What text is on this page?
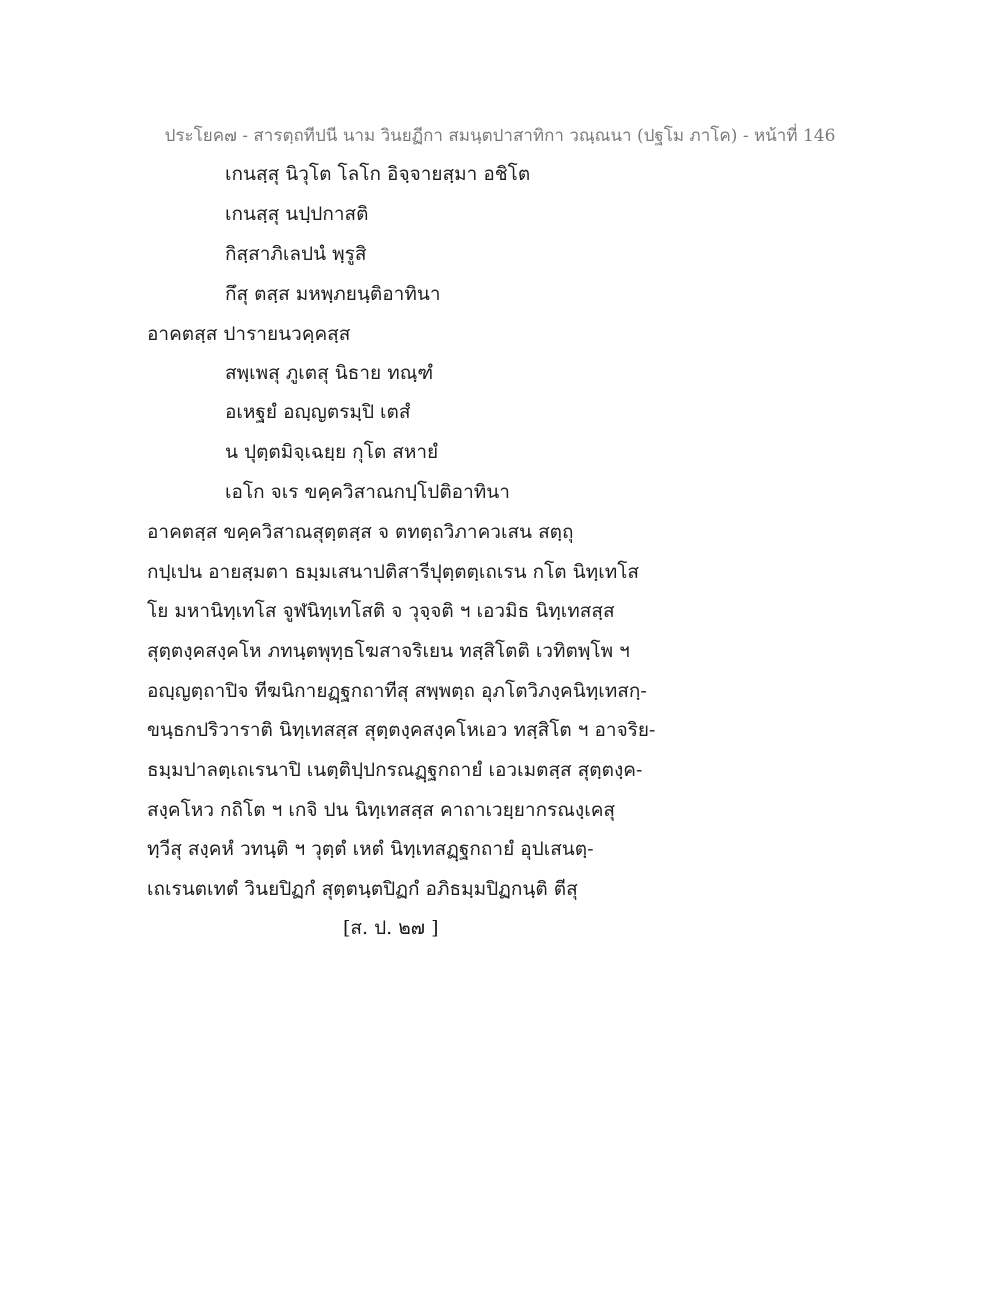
ประโยค๗ - สารตฺถทีปนี นาม วินยฏีกา สมนฺตปาสาทิกา วณฺณนา (ปฐโม ภาโค) - หน้าที่ 146
เกนสฺสุ นิวุโต โลโก อิจฺจายสฺมา อชิโต
เกนสฺสุ นปฺปกาสติ
กิสฺสาภิเลปนํ พฺรูสิ
กึสุ ตสฺส มหพฺภยนฺติอาทินา
อาคตสฺส ปารายนวคฺคสฺส
สพฺเพสุ ภูเตสุ นิธาย ทณฺฑํ
อเหฐยํ อญฺญตรมฺปิ เตสํ
น ปุตฺตมิจฺเฉยฺย กุโต สหายํ
เอโก จเร ขคฺควิสาณกปฺโปติอาทินา
อาคตสฺส ขคฺควิสาณสุตฺตสฺส จ ตทตฺถวิภาควเสน สตฺถุ
กปฺเปน อายสฺมตา ธมฺมเสนาปติสารีปุตฺตตฺเถเรน กโต นิทฺเทโส
โย มหานิทฺเทโส จูฬนิทฺเทโสติ จ วุจฺจติ ฯ เอวมิธ นิทฺเทสสฺส
สุตฺตงฺคสงฺคโห ภทนฺตพุทฺธโฆสาจริเยน ทสฺสิโตติ เวทิตพฺโพ ฯ
อญฺญตฺถาปิจ ทีฆนิกายฏฺฐกถาทีสุ สพฺพตฺถ อุภโตวิภงฺคนิทฺเทสกฺ-
ขนฺธกปริวาราติ นิทฺเทสสฺส สุตฺตงฺคสงฺคโหเอว ทสฺสิโต ฯ อาจริย-
ธมฺมปาลตฺเถเรนาปิ เนตฺติปฺปกรณฏฺฐกถายํ เอวเมตสฺส สุตฺตงฺค-
สงฺคโหว กถิโต ฯ เกจิ ปน นิทฺเทสสฺส คาถาเวยฺยากรณงฺเคสุ
ทฺวีสุ สงฺคหํ วทนฺติ ฯ วุตฺตํ เหตํ นิทฺเทสฏฺฐกถายํ อุปเสนตฺ-
เถเรนตเทตํ วินยปิฏกํ สุตฺตนฺตปิฏกํ อภิธมฺมปิฏกนฺติ ตีสุ
[ส. ป. ๒๗ ]
